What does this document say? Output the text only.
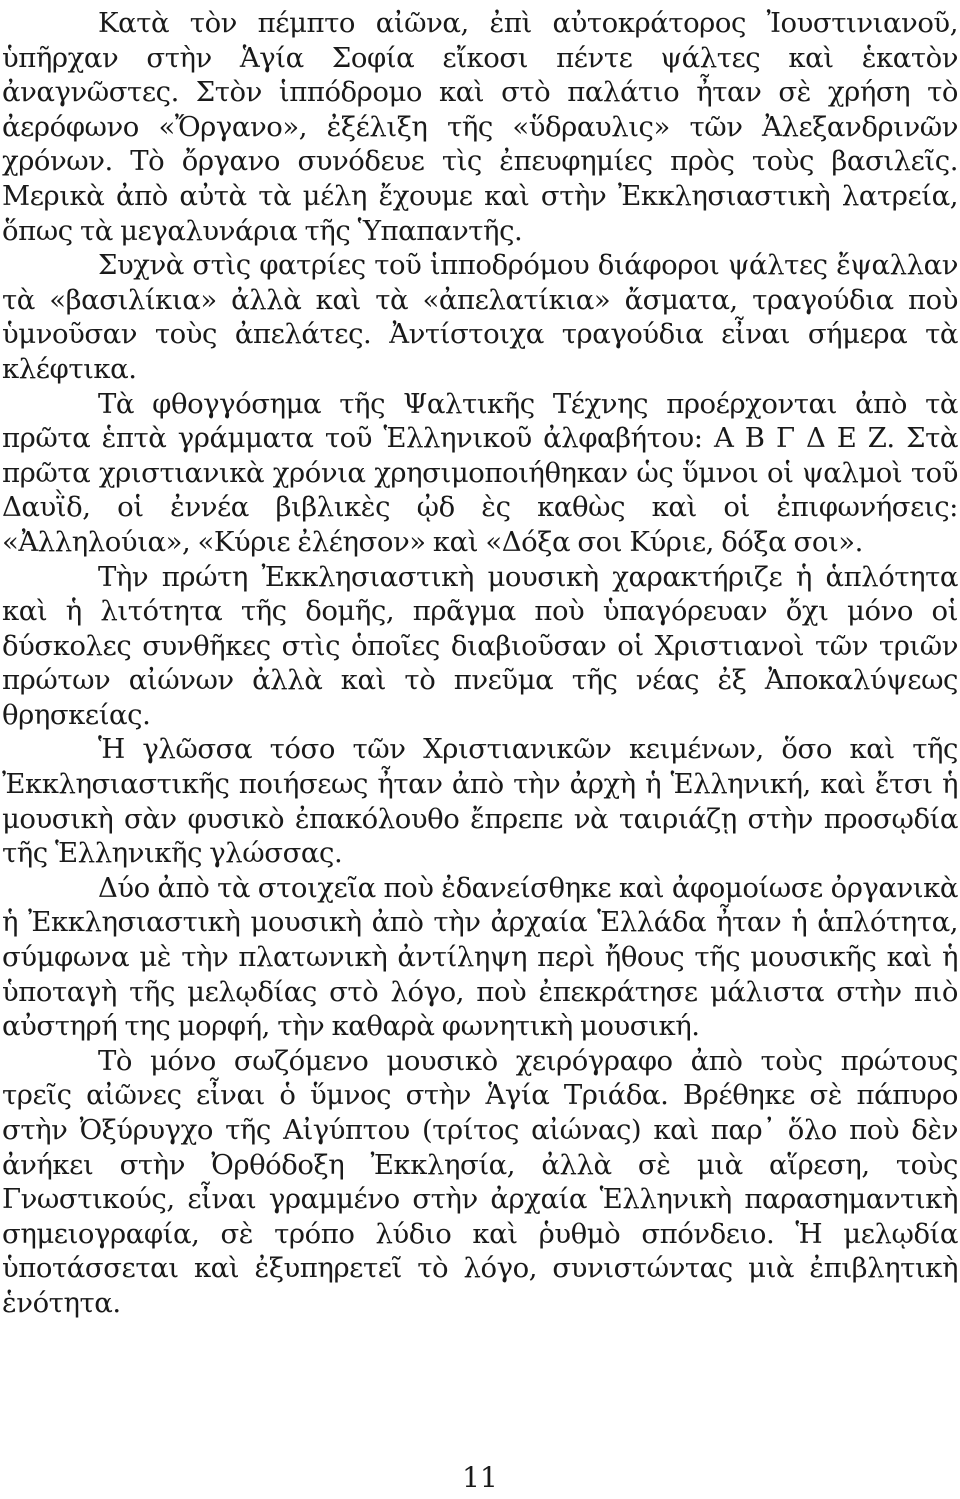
Κατὰ τὸν πέμπτο αἰῶνα, ἐπὶ αὐτοκράτορος Ἰουστινιανοῦ, ὑπῆρχαν στὴν Ἁγία Σοφία εἴκοσι πέντε ψάλτες καὶ ἑκατὸν ἀναγνῶστες. Στὸν ἱππόδρομο καὶ στὸ παλάτιο ἦταν σὲ χρήση τὸ ἀερόφωνο «Ὄργανο», ἐξέλιξη τῆς «ὕδραυλις» τῶν Ἀλεξανδρινῶν χρόνων. Τὸ ὄργανο συνόδευε τὶς ἐπευφημίες πρὸς τοὺς βασιλεῖς. Μερικὰ ἀπὸ αὐτὰ τὰ μέλη ἔχουμε καὶ στὴν Ἐκκλησιαστικὴ λατρεία, ὅπως τὰ μεγαλυνάρια τῆς Ὑπαπαντῆς.

Συχνὰ στὶς φατρίες τοῦ ἱπποδρόμου διάφοροι ψάλτες ἔψαλλαν τὰ «βασιλίκια» ἀλλὰ καὶ τὰ «ἀπελατίκια» ἄσματα, τραγούδια ποὺ ὑμνοῦσαν τοὺς ἀπελάτες. Ἀντίστοιχα τραγούδια εἶναι σήμερα τὰ κλέφτικα.

Τὰ φθογγόσημα τῆς Ψαλτικῆς Τέχνης προέρχονται ἀπὸ τὰ πρῶτα ἑπτὰ γράμματα τοῦ Ἑλληνικοῦ ἀλφαβήτου: Α Β Γ Δ Ε Ζ. Στὰ πρῶτα χριστιανικὰ χρόνια χρησιμοποιήθηκαν ὡς ὕμνοι οἱ ψαλμοὶ τοῦ Δαυῒδ, οἱ ἐννέα βιβλικὲς ᾠδ ὲς καθὼς καὶ οἱ ἐπιφωνήσεις: «Ἀλληλούια», «Κύριε ἐλέησον» καὶ «Δόξα σοι Κύριε, δόξα σοι».

Τὴν πρώτη Ἐκκλησιαστικὴ μουσικὴ χαρακτήριζε ἡ ἁπλότητα καὶ ἡ λιτότητα τῆς δομῆς, πρᾶγμα ποὺ ὑπαγόρευαν ὄχι μόνο οἱ δύσκολες συνθῆκες στὶς ὁποῖες διαβιοῦσαν οἱ Χριστιανοὶ τῶν τριῶν πρώτων αἰώνων ἀλλὰ καὶ τὸ πνεῦμα τῆς νέας ἐξ Ἀποκαλύψεως θρησκείας.

Ἡ γλῶσσα τόσο τῶν Χριστιανικῶν κειμένων, ὅσο καὶ τῆς Ἐκκλησιαστικῆς ποιήσεως ἦταν ἀπὸ τὴν ἀρχὴ ἡ Ἑλληνική, καὶ ἔτσι ἡ μουσικὴ σὰν φυσικὸ ἐπακόλουθο ἔπρεπε νὰ ταιριάζῃ στὴν προσῳδία τῆς Ἑλληνικῆς γλώσσας.

Δύο ἀπὸ τὰ στοιχεῖα ποὺ ἐδανείσθηκε καὶ ἀφομοίωσε ὀργανικὰ ἡ Ἐκκλησιαστικὴ μουσικὴ ἀπὸ τὴν ἀρχαία Ἑλλάδα ἦταν ἡ ἁπλότητα, σύμφωνα μὲ τὴν πλατωνικὴ ἀντίληψη περὶ ἤθους τῆς μουσικῆς καὶ ἡ ὑποταγὴ τῆς μελῳδίας στὸ λόγο, ποὺ ἐπεκράτησε μάλιστα στὴν πιὸ αὐστηρή της μορφή, τὴν καθαρὰ φωνητικὴ μουσική.

Τὸ μόνο σωζόμενο μουσικὸ χειρόγραφο ἀπὸ τοὺς πρώτους τρεῖς αἰῶνες εἶναι ὁ ὕμνος στὴν Ἁγία Τριάδα. Βρέθηκε σὲ πάπυρο στὴν Ὀξύρυγχο τῆς Αἰγύπτου (τρίτος αἰώνας) καὶ παρ᾽ ὅλο ποὺ δὲν ἀνήκει στὴν Ὀρθόδοξη Ἐκκλησία, ἀλλὰ σὲ μιὰ αἵρεση, τοὺς Γνωστικούς, εἶναι γραμμένο στὴν ἀρχαία Ἑλληνικὴ παρασημαντικὴ σημειογραφία, σὲ τρόπο λύδιο καὶ ῥυθμὸ σπόνδειο. Ἡ μελῳδία ὑποτάσσεται καὶ ἐξυπηρετεῖ τὸ λόγο, συνιστώντας μιὰ ἐπιβλητικὴ ἑνότητα.

11
